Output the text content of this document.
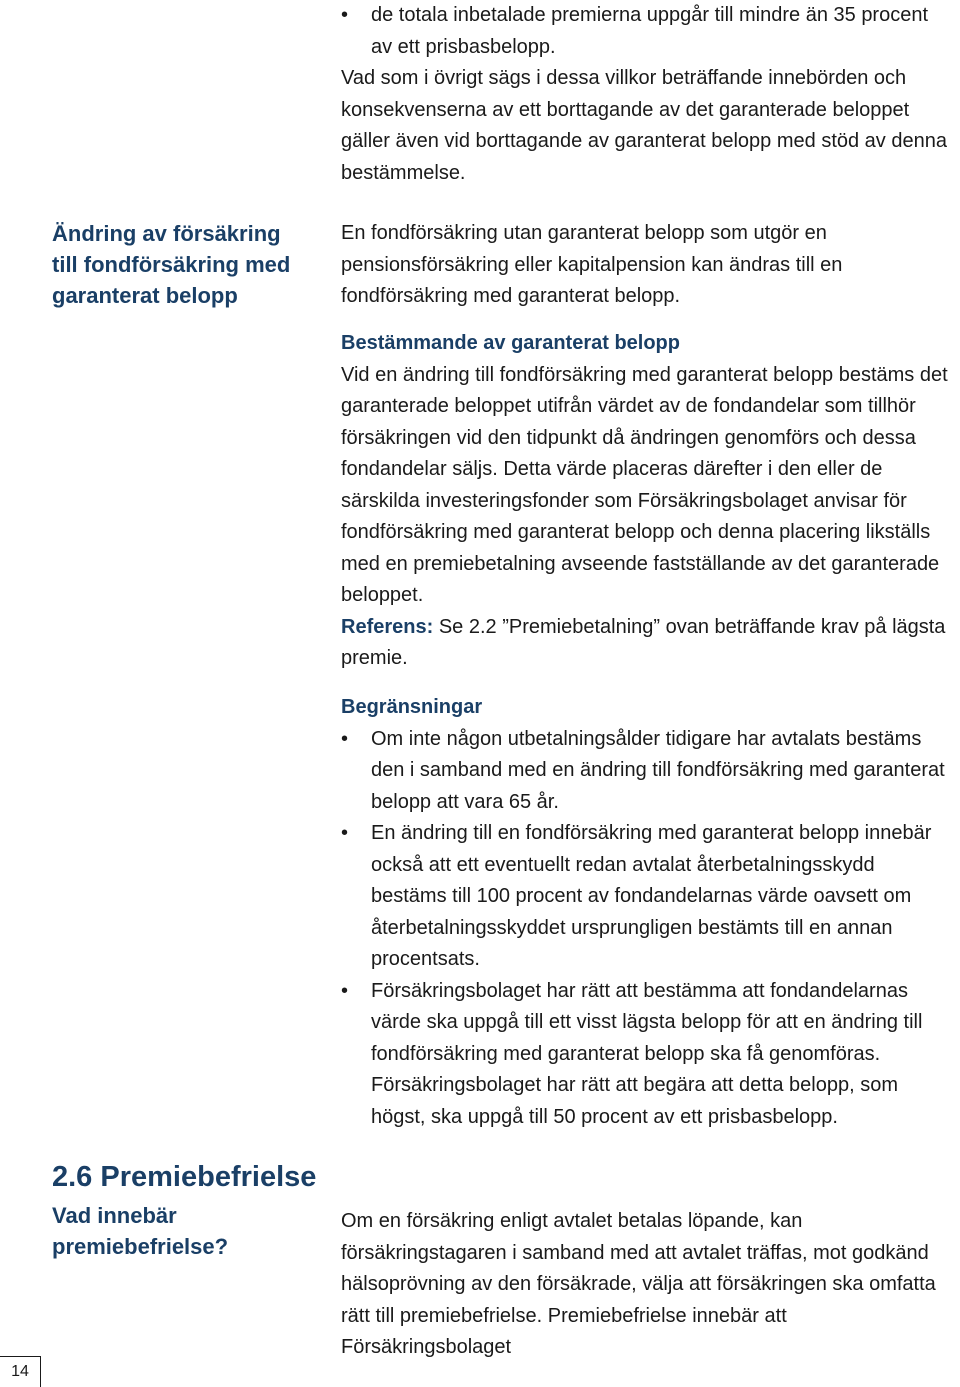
Ändring av försäkring
till fondförsäkring med
garanterat belopp
2.6 Premiebefrielse
Vad innebär
premiebefrielse?
• de totala inbetalade premierna uppgår till mindre än 35 procent av ett prisbasbelopp.

Vad som i övrigt sägs i dessa villkor beträffande innebörden och konsekvenserna av ett borttagande av det garanterade beloppet gäller även vid borttagande av garanterat belopp med stöd av denna bestämmelse.

En fondförsäkring utan garanterat belopp som utgör en pensionsförsäkring eller kapitalpension kan ändras till en fondförsäkring med garanterat belopp.

Bestämmande av garanterat belopp

Vid en ändring till fondförsäkring med garanterat belopp bestäms det garanterade beloppet utifrån värdet av de fondandelar som tillhör försäkringen vid den tidpunkt då ändringen genomförs och dessa fondandelar säljs. Detta värde placeras därefter i den eller de särskilda investeringsfonder som Försäkringsbolaget anvisar för fondförsäkring med garanterat belopp och denna placering likställs med en premiebetalning avseende fastställande av det garanterade beloppet.

Referens: Se 2.2 ”Premiebetalning” ovan beträffande krav på lägsta premie.

Begränsningar

• Om inte någon utbetalningsålder tidigare har avtalats bestäms den i samband med en ändring till fondförsäkring med garanterat belopp att vara 65 år.
• En ändring till en fondförsäkring med garanterat belopp innebär också att ett eventuellt redan avtalat återbetalningsskydd bestäms till 100 procent av fondandelarnas värde oavsett om återbetalningsskyddet ursprungligen bestämts till en annan procentsats.
• Försäkringsbolaget har rätt att bestämma att fondandelarnas värde ska uppgå till ett visst lägsta belopp för att en ändring till fondförsäkring med garanterat belopp ska få genomföras. Försäkringsbolaget har rätt att begära att detta belopp, som högst, ska uppgå till 50 procent av ett prisbasbelopp.

Om en försäkring enligt avtalet betalas löpande, kan försäkringstagaren i samband med att avtalet träffas, mot godkänd hälsoprövning av den försäkrade, välja att försäkringen ska omfatta rätt till premiebefrielse. Premiebefrielse innebär att Försäkringsbolaget

14
